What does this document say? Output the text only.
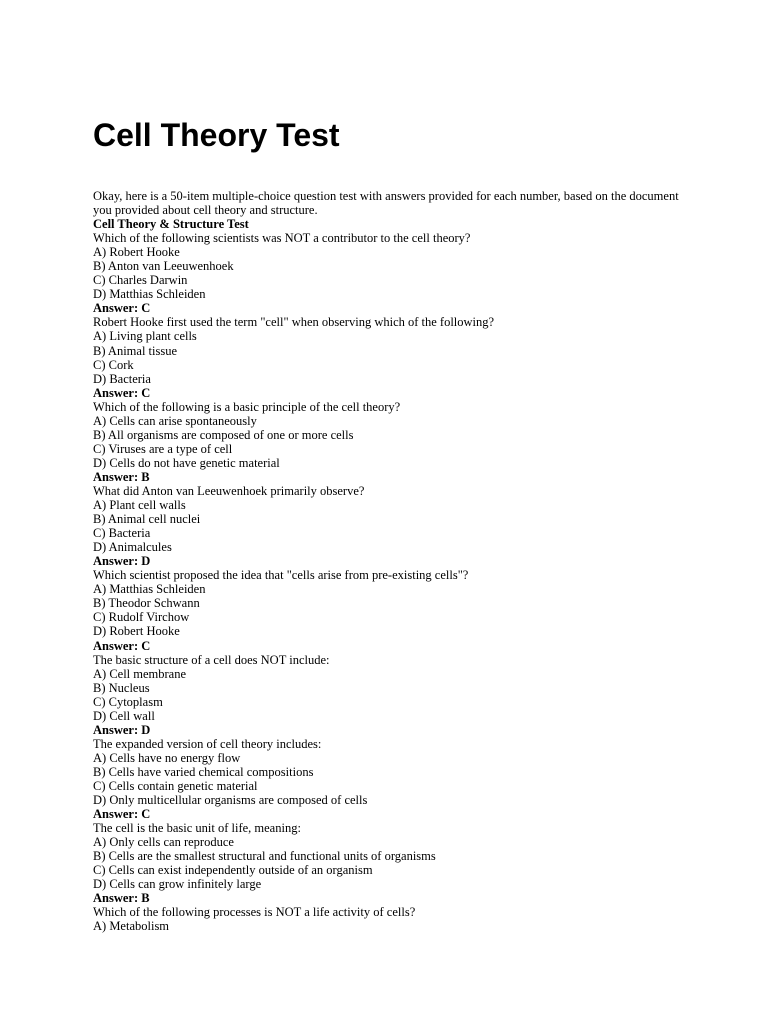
Cell Theory Test
Okay, here is a 50-item multiple-choice question test with answers provided for each number, based on the document you provided about cell theory and structure.
Cell Theory & Structure Test
Which of the following scientists was NOT a contributor to the cell theory?
A) Robert Hooke
B) Anton van Leeuwenhoek
C) Charles Darwin
D) Matthias Schleiden
Answer: C
Robert Hooke first used the term "cell" when observing which of the following?
A) Living plant cells
B) Animal tissue
C) Cork
D) Bacteria
Answer: C
Which of the following is a basic principle of the cell theory?
A) Cells can arise spontaneously
B) All organisms are composed of one or more cells
C) Viruses are a type of cell
D) Cells do not have genetic material
Answer: B
What did Anton van Leeuwenhoek primarily observe?
A) Plant cell walls
B) Animal cell nuclei
C) Bacteria
D) Animalcules
Answer: D
Which scientist proposed the idea that "cells arise from pre-existing cells"?
A) Matthias Schleiden
B) Theodor Schwann
C) Rudolf Virchow
D) Robert Hooke
Answer: C
The basic structure of a cell does NOT include:
A) Cell membrane
B) Nucleus
C) Cytoplasm
D) Cell wall
Answer: D
The expanded version of cell theory includes:
A) Cells have no energy flow
B) Cells have varied chemical compositions
C) Cells contain genetic material
D) Only multicellular organisms are composed of cells
Answer: C
The cell is the basic unit of life, meaning:
A) Only cells can reproduce
B) Cells are the smallest structural and functional units of organisms
C) Cells can exist independently outside of an organism
D) Cells can grow infinitely large
Answer: B
Which of the following processes is NOT a life activity of cells?
A) Metabolism
